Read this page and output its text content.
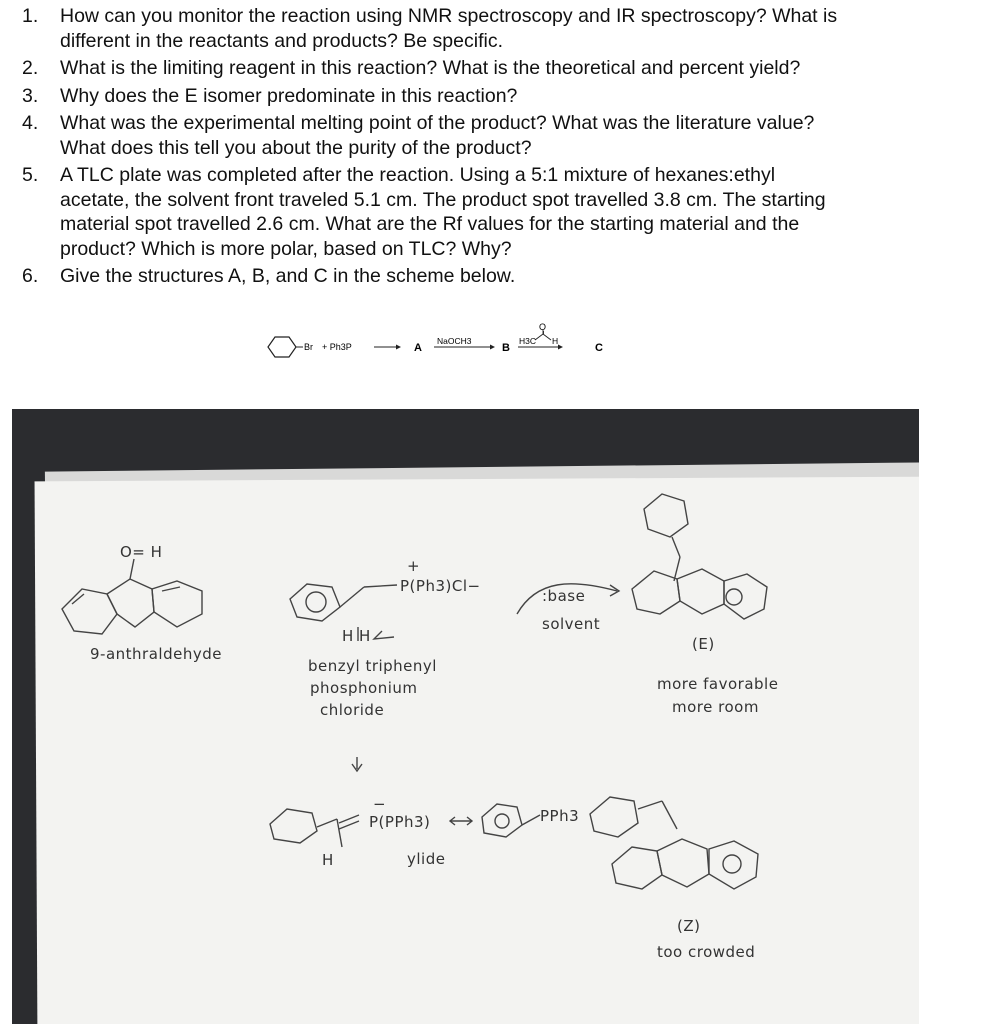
1.	How can you monitor the reaction using NMR spectroscopy and IR spectroscopy? What is
different in the reactants and products? Be specific.
2.	What is the limiting reagent in this reaction? What is the theoretical and percent yield?
3.	Why does the E isomer predominate in this reaction?
4.	What was the experimental melting point of the product? What was the literature value?
What does this tell you about the purity of the product?
5.	A TLC plate was completed after the reaction. Using a 5:1 mixture of hexanes:ethyl
acetate, the solvent front traveled 5.1 cm. The product spot travelled 3.8 cm. The starting
material spot travelled 2.6 cm. What are the Rf values for the starting material and the
product? Which is more polar, based on TLC? Why?
6.	Give the structures A, B, and C in the scheme below.
Br + Ph3P	A
NaOCH3
B
H3C H
C
O
O= H
9-anthraldehyde
+
P(Ph3)Cl−
H H
:base
solvent
benzyl triphenyl
phosphonium
chloride
(E)
more favorable
more room
−
P(PPh3)
H
PPh3
ylide
(Z)
too crowded
